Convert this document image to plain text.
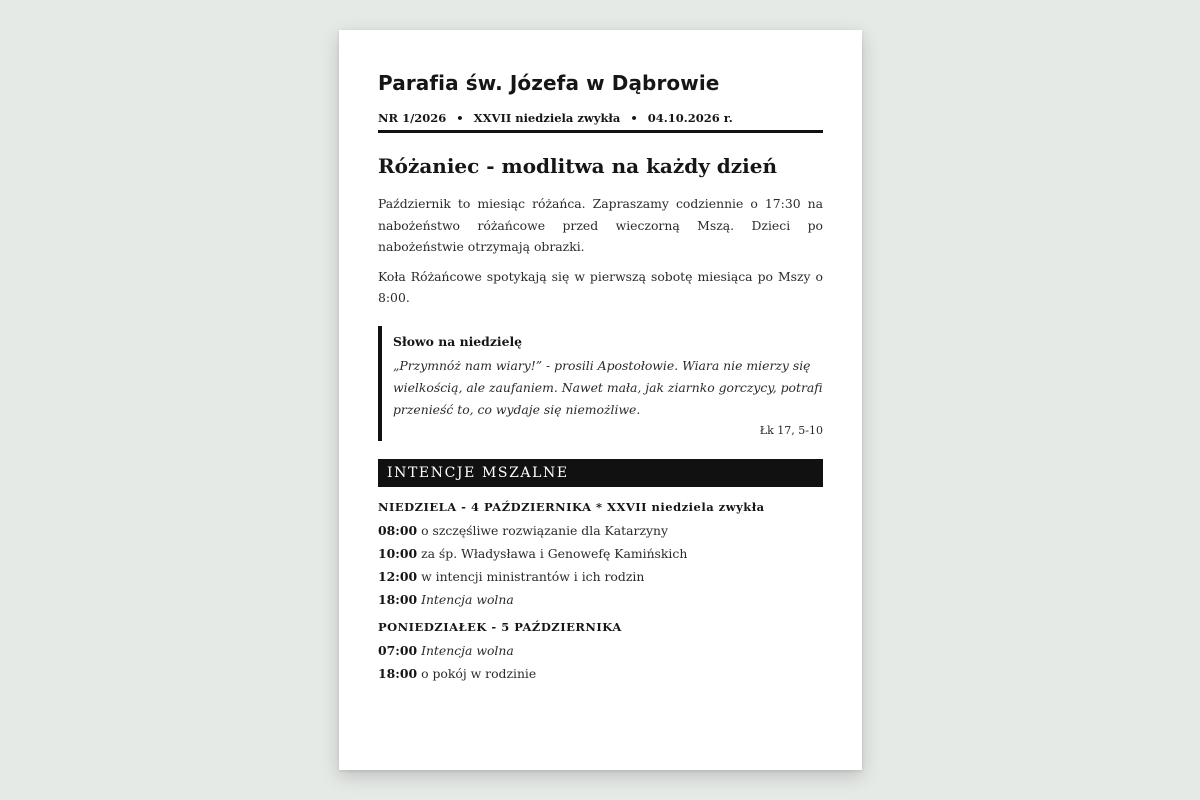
Parafia św. Józefa w Dąbrowie
NR 1/2026 • XXVII niedziela zwykła • 04.10.2026 r.
Różaniec - modlitwa na każdy dzień

Październik to miesiąc różańca. Zapraszamy codziennie o 17:30 na nabożeństwo różańcowe przed wieczorną Mszą. Dzieci po nabożeństwie otrzymają obrazki.

Koła Różańcowe spotykają się w pierwszą sobotę miesiąca po Mszy o 8:00.

Słowo na niedzielę

„Przymnóż nam wiary!” - prosili Apostołowie. Wiara nie mierzy się wielkością, ale zaufaniem. Nawet mała, jak ziarnko gorczycy, potrafi przenieść to, co wydaje się niemożliwe.

Łk 17, 5-10

INTENCJE MSZALNE

NIEDZIELA - 4 PAŹDZIERNIKA * XXVII niedziela zwykła

08:00 o szczęśliwe rozwiązanie dla Katarzyny
10:00 za śp. Władysława i Genowefę Kamińskich
12:00 w intencji ministrantów i ich rodzin
18:00 Intencja wolna

PONIEDZIAŁEK - 5 PAŹDZIERNIKA

07:00 Intencja wolna
18:00 o pokój w rodzinie
